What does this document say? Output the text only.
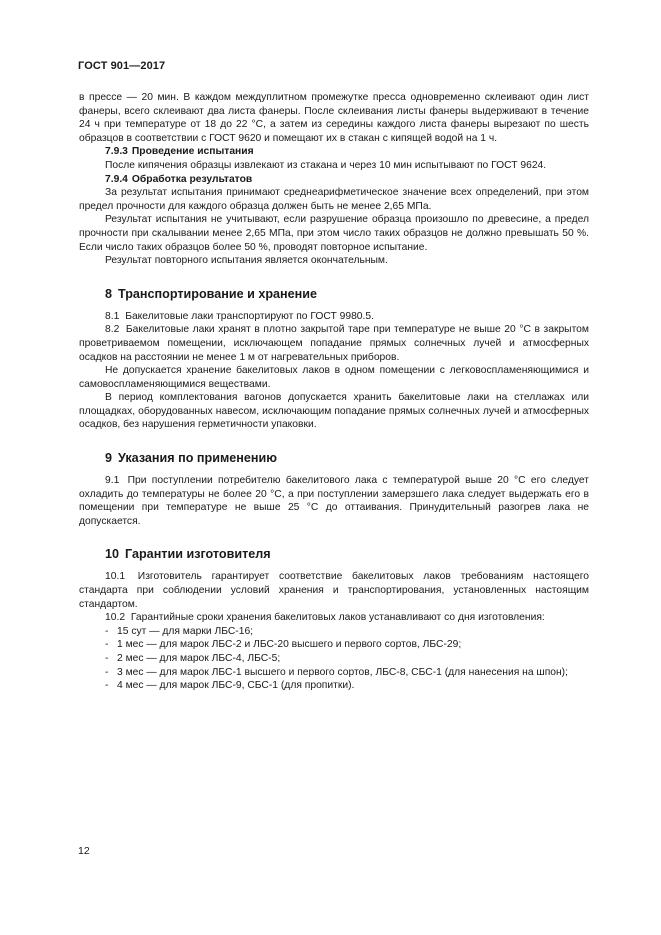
ГОСТ 901—2017

в прессе — 20 мин. В каждом междуплитном промежутке пресса одновременно склеивают один лист фанеры, всего склеивают два листа фанеры. После склеивания листы фанеры выдерживают в течение 24 ч при температуре от 18 до 22 °С, а затем из середины каждого листа фанеры вырезают по шесть образцов в соответствии с ГОСТ 9620 и помещают их в стакан с кипящей водой на 1 ч.

7.9.3 Проведение испытания

После кипячения образцы извлекают из стакана и через 10 мин испытывают по ГОСТ 9624.

7.9.4 Обработка результатов

За результат испытания принимают среднеарифметическое значение всех определений, при этом предел прочности для каждого образца должен быть не менее 2,65 МПа.

Результат испытания не учитывают, если разрушение образца произошло по древесине, а предел прочности при скалывании менее 2,65 МПа, при этом число таких образцов не должно превышать 50 %. Если число таких образцов более 50 %, проводят повторное испытание.

Результат повторного испытания является окончательным.

8 Транспортирование и хранение

8.1 Бакелитовые лаки транспортируют по ГОСТ 9980.5.

8.2 Бакелитовые лаки хранят в плотно закрытой таре при температуре не выше 20 °С в закрытом проветриваемом помещении, исключающем попадание прямых солнечных лучей и атмосферных осадков на расстоянии не менее 1 м от нагревательных приборов.

Не допускается хранение бакелитовых лаков в одном помещении с легковоспламеняющимися и самовоспламеняющимися веществами.

В период комплектования вагонов допускается хранить бакелитовые лаки на стеллажах или площадках, оборудованных навесом, исключающим попадание прямых солнечных лучей и атмосферных осадков, без нарушения герметичности упаковки.

9 Указания по применению

9.1 При поступлении потребителю бакелитового лака с температурой выше 20 °С его следует охладить до температуры не более 20 °С, а при поступлении замерзшего лака следует выдержать его в помещении при температуре не выше 25 °С до оттаивания. Принудительный разогрев лака не допускается.

10 Гарантии изготовителя

10.1 Изготовитель гарантирует соответствие бакелитовых лаков требованиям настоящего стандарта при соблюдении условий хранения и транспортирования, установленных настоящим стандартом.

10.2 Гарантийные сроки хранения бакелитовых лаков устанавливают со дня изготовления:

- 15 сут — для марки ЛБС-16;

- 1 мес — для марок ЛБС-2 и ЛБС-20 высшего и первого сортов, ЛБС-29;

- 2 мес — для марок ЛБС-4, ЛБС-5;

- 3 мес — для марок ЛБС-1 высшего и первого сортов, ЛБС-8, СБС-1 (для нанесения на шпон);

- 4 мес — для марок ЛБС-9, СБС-1 (для пропитки).

12
